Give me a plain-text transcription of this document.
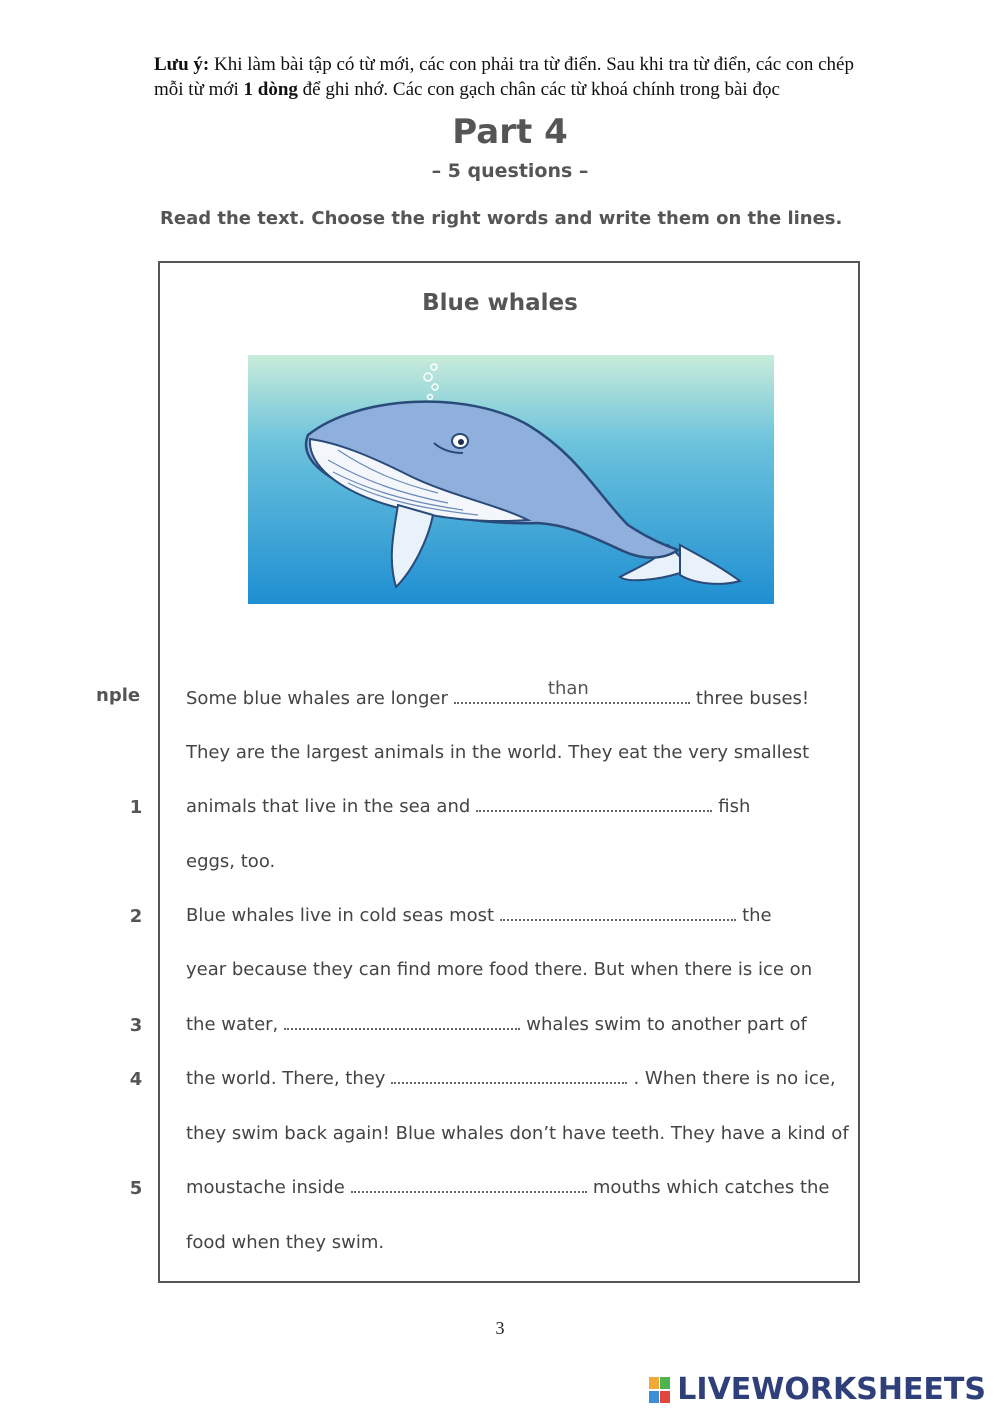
Lưu ý: Khi làm bài tập có từ mới, các con phải tra từ điển. Sau khi tra từ điển, các con chép mỗi từ mới 1 dòng để ghi nhớ. Các con gạch chân các từ khoá chính trong bài đọc
Part 4
– 5 questions –
Read the text. Choose the right words and write them on the lines.
Blue whales
nple	Some blue whales are longer	than	three buses!
They are the largest animals in the world. They eat the very smallest
animals that live in the sea and	fish
eggs, too.
Blue whales live in cold seas most	the
year because they can find more food there. But when there is ice on
the water,	whales swim to another part of
the world. There, they	. When there is no ice,
they swim back again! Blue whales don’t have teeth. They have a kind of
moustache inside	mouths which catches the
food when they swim.
1
2
3
4
5
3
LIVEWORKSHEETS
